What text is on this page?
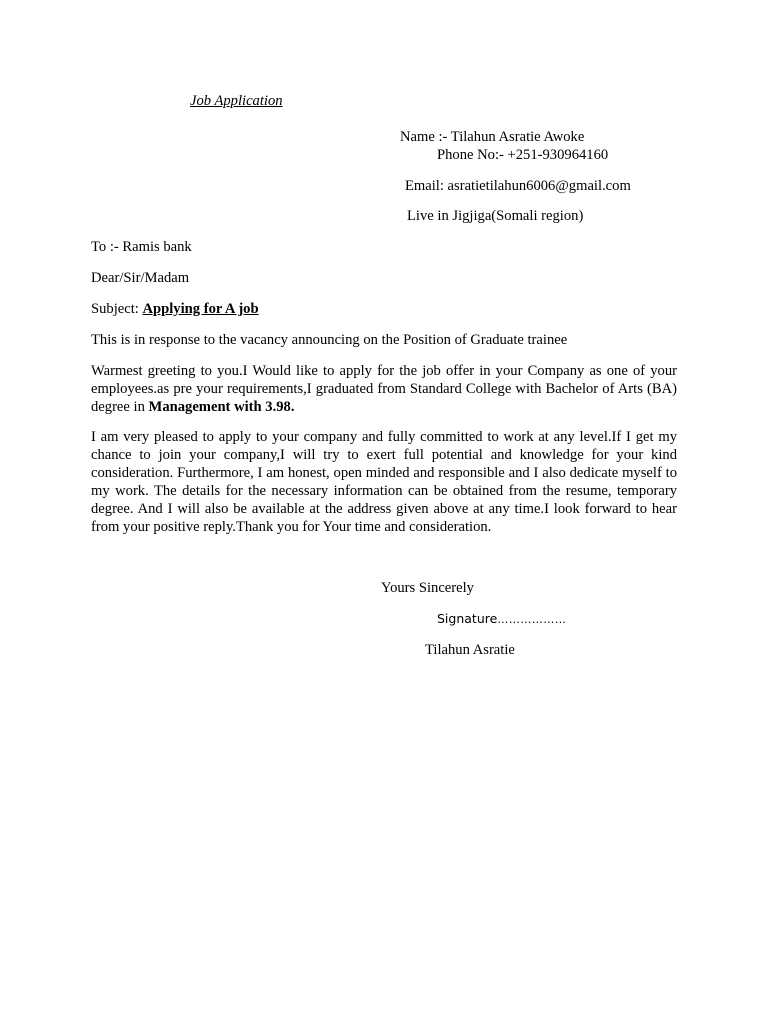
Job Application
Name :- Tilahun Asratie Awoke
Phone No:- +251-930964160
Email: asratietilahun6006@gmail.com
Live in Jigjiga(Somali region)
To :- Ramis bank
Dear/Sir/Madam
Subject: Applying for A job
This is in response to the vacancy announcing on the Position of Graduate trainee
Warmest greeting to you.I Would like to apply for the job offer in your Company as one of your employees.as pre your requirements,I graduated from Standard College with Bachelor of Arts (BA) degree in Management with 3.98.
I am very pleased to apply to your company and fully committed to work at any level.If I get my chance to join your company,I will try to exert full potential and knowledge for your kind consideration. Furthermore, I am honest, open minded and responsible and I also dedicate myself to my work. The details for the necessary information can be obtained from the resume, temporary degree. And I will also be available at the address given above at any time.I look forward to hear from your positive reply.Thank you for Your time and consideration.
Yours Sincerely
Signature………………
Tilahun Asratie
